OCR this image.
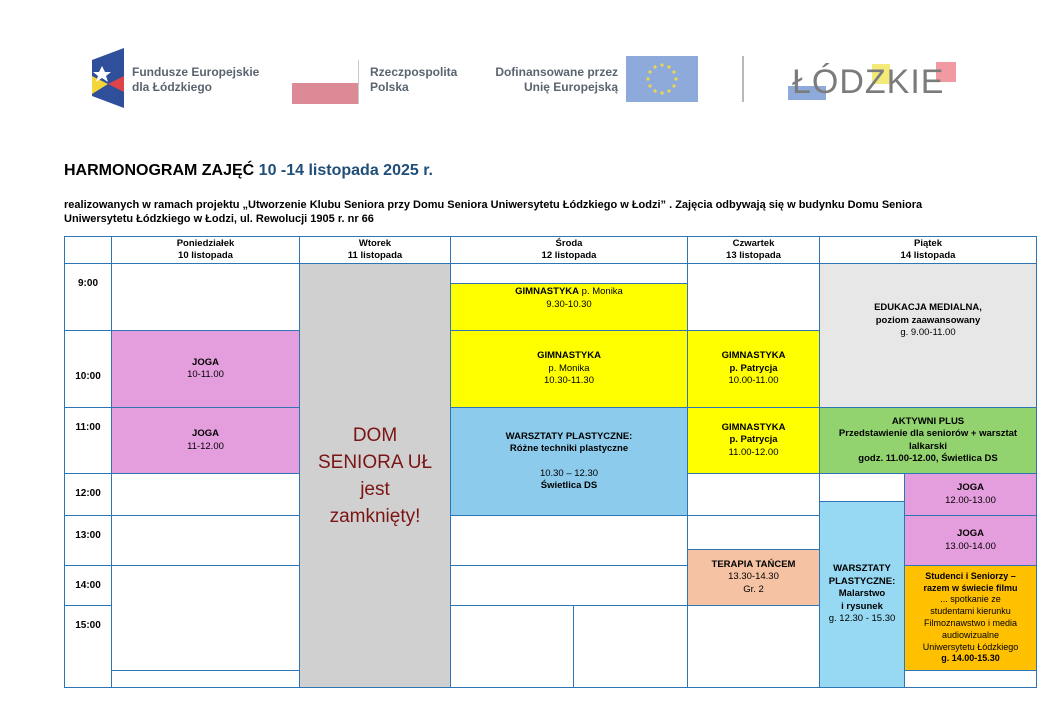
Fundusze Europejskie
dla Łódzkiego
Rzeczpospolita
Polska
Dofinansowane przez
Unię Europejską	ŁÓDZKIE
HARMONOGRAM ZAJĘĆ 10 -14 listopada 2025 r.
realizowanych w ramach projektu „Utworzenie Klubu Seniora przy Domu Seniora Uniwersytetu Łódzkiego w Łodzi” . Zajęcia odbywają się w budynku Domu Seniora Uniwersytetu Łódzkiego w Łodzi, ul. Rewolucji 1905 r. nr 66
Poniedziałek
10 listopada
Wtorek
11 listopada
Środa
12 listopada
Czwartek
13 listopada
Piątek
14 listopada
9:00
10:00
11:00
12:00
13:00
14:00
15:00
JOGA
10-11.00
JOGA
11-12.00
DOM
SENIORA UŁ
jest
zamknięty!
GIMNASTYKA p. Monika
9.30-10.30
GIMNASTYKA
p. Monika
10.30-11.30
WARSZTATY PLASTYCZNE:
Różne techniki plastyczne
10.30 – 12.30
Świetlica DS
GIMNASTYKA
p. Patrycja
10.00-11.00
GIMNASTYKA
p. Patrycja
11.00-12.00
TERAPIA TAŃCEM
13.30-14.30
Gr. 2
EDUKACJA MEDIALNA,
poziom zaawansowany
g. 9.00-11.00
AKTYWNI PLUS
Przedstawienie dla seniorów + warsztat
lalkarski
godz. 11.00-12.00, Świetlica DS
WARSZTATY
PLASTYCZNE:
Malarstwo
i rysunek
g. 12.30 - 15.30
JOGA
12.00-13.00
JOGA
13.00-14.00
Studenci i Seniorzy –
razem w świecie filmu
... spotkanie ze
studentami kierunku
Filmoznawstwo i media
audiowizualne
Uniwersytetu Łódzkiego
g. 14.00-15.30
